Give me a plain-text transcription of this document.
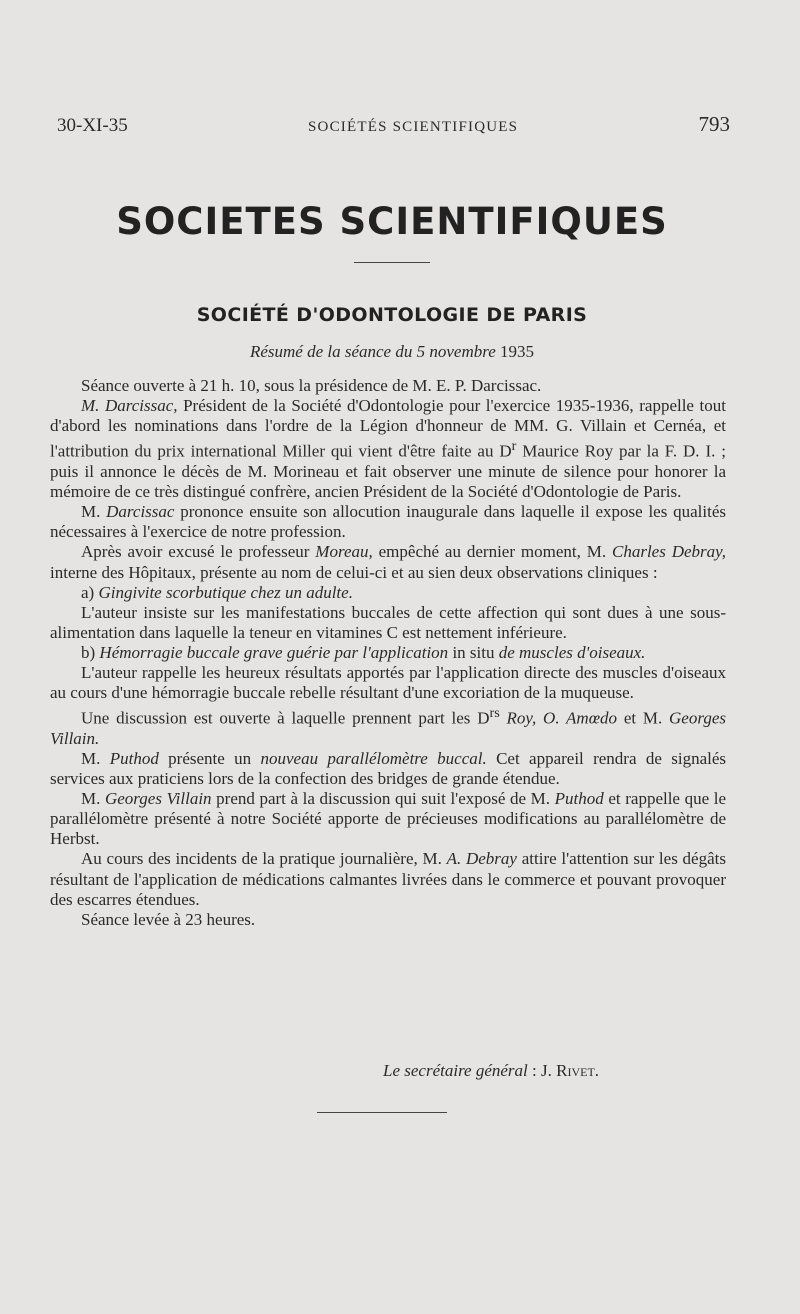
30-XI-35	SOCIÉTÉS SCIENTIFIQUES	793
SOCIETES SCIENTIFIQUES
SOCIÉTÉ D'ODONTOLOGIE DE PARIS
Résumé de la séance du 5 novembre 1935

Séance ouverte à 21 h. 10, sous la présidence de M. E. P. Darcissac.

M. Darcissac, Président de la Société d'Odontologie pour l'exercice 1935-1936, rappelle tout d'abord les nominations dans l'ordre de la Légion d'honneur de MM. G. Villain et Cernéa, et l'attribution du prix international Miller qui vient d'être faite au $D^r$ Maurice Roy par la F. D. I. ; puis il annonce le décès de M. Morineau et fait observer une minute de silence pour honorer la mémoire de ce très distingué confrère, ancien Président de la Société d'Odontologie de Paris.

M. Darcissac prononce ensuite son allocution inaugurale dans laquelle il expose les qualités nécessaires à l'exercice de notre profession.

Après avoir excusé le professeur Moreau, empêché au dernier moment, M. Charles Debray, interne des Hôpitaux, présente au nom de celui-ci et au sien deux observations cliniques :

a) Gingivite scorbutique chez un adulte.

L'auteur insiste sur les manifestations buccales de cette affection qui sont dues à une sous-alimentation dans laquelle la teneur en vitamines C est nettement inférieure.

b) Hémorragie buccale grave guérie par l'application in situ de muscles d'oiseaux.

L'auteur rappelle les heureux résultats apportés par l'application directe des muscles d'oiseaux au cours d'une hémorragie buccale rebelle résultant d'une excoriation de la muqueuse.

Une discussion est ouverte à laquelle prennent part les $D^{rs}$ Roy, O. Amœdo et M. Georges Villain.

M. Puthod présente un nouveau parallélomètre buccal. Cet appareil rendra de signalés services aux praticiens lors de la confection des bridges de grande étendue.

M. Georges Villain prend part à la discussion qui suit l'exposé de M. Puthod et rappelle que le parallélomètre présenté à notre Société apporte de précieuses modifications au parallélomètre de Herbst.

Au cours des incidents de la pratique journalière, M. A. Debray attire l'attention sur les dégâts résultant de l'application de médications calmantes livrées dans le commerce et pouvant provoquer des escarres étendues.

Séance levée à 23 heures.

Le secrétaire général : J. Rivet.
